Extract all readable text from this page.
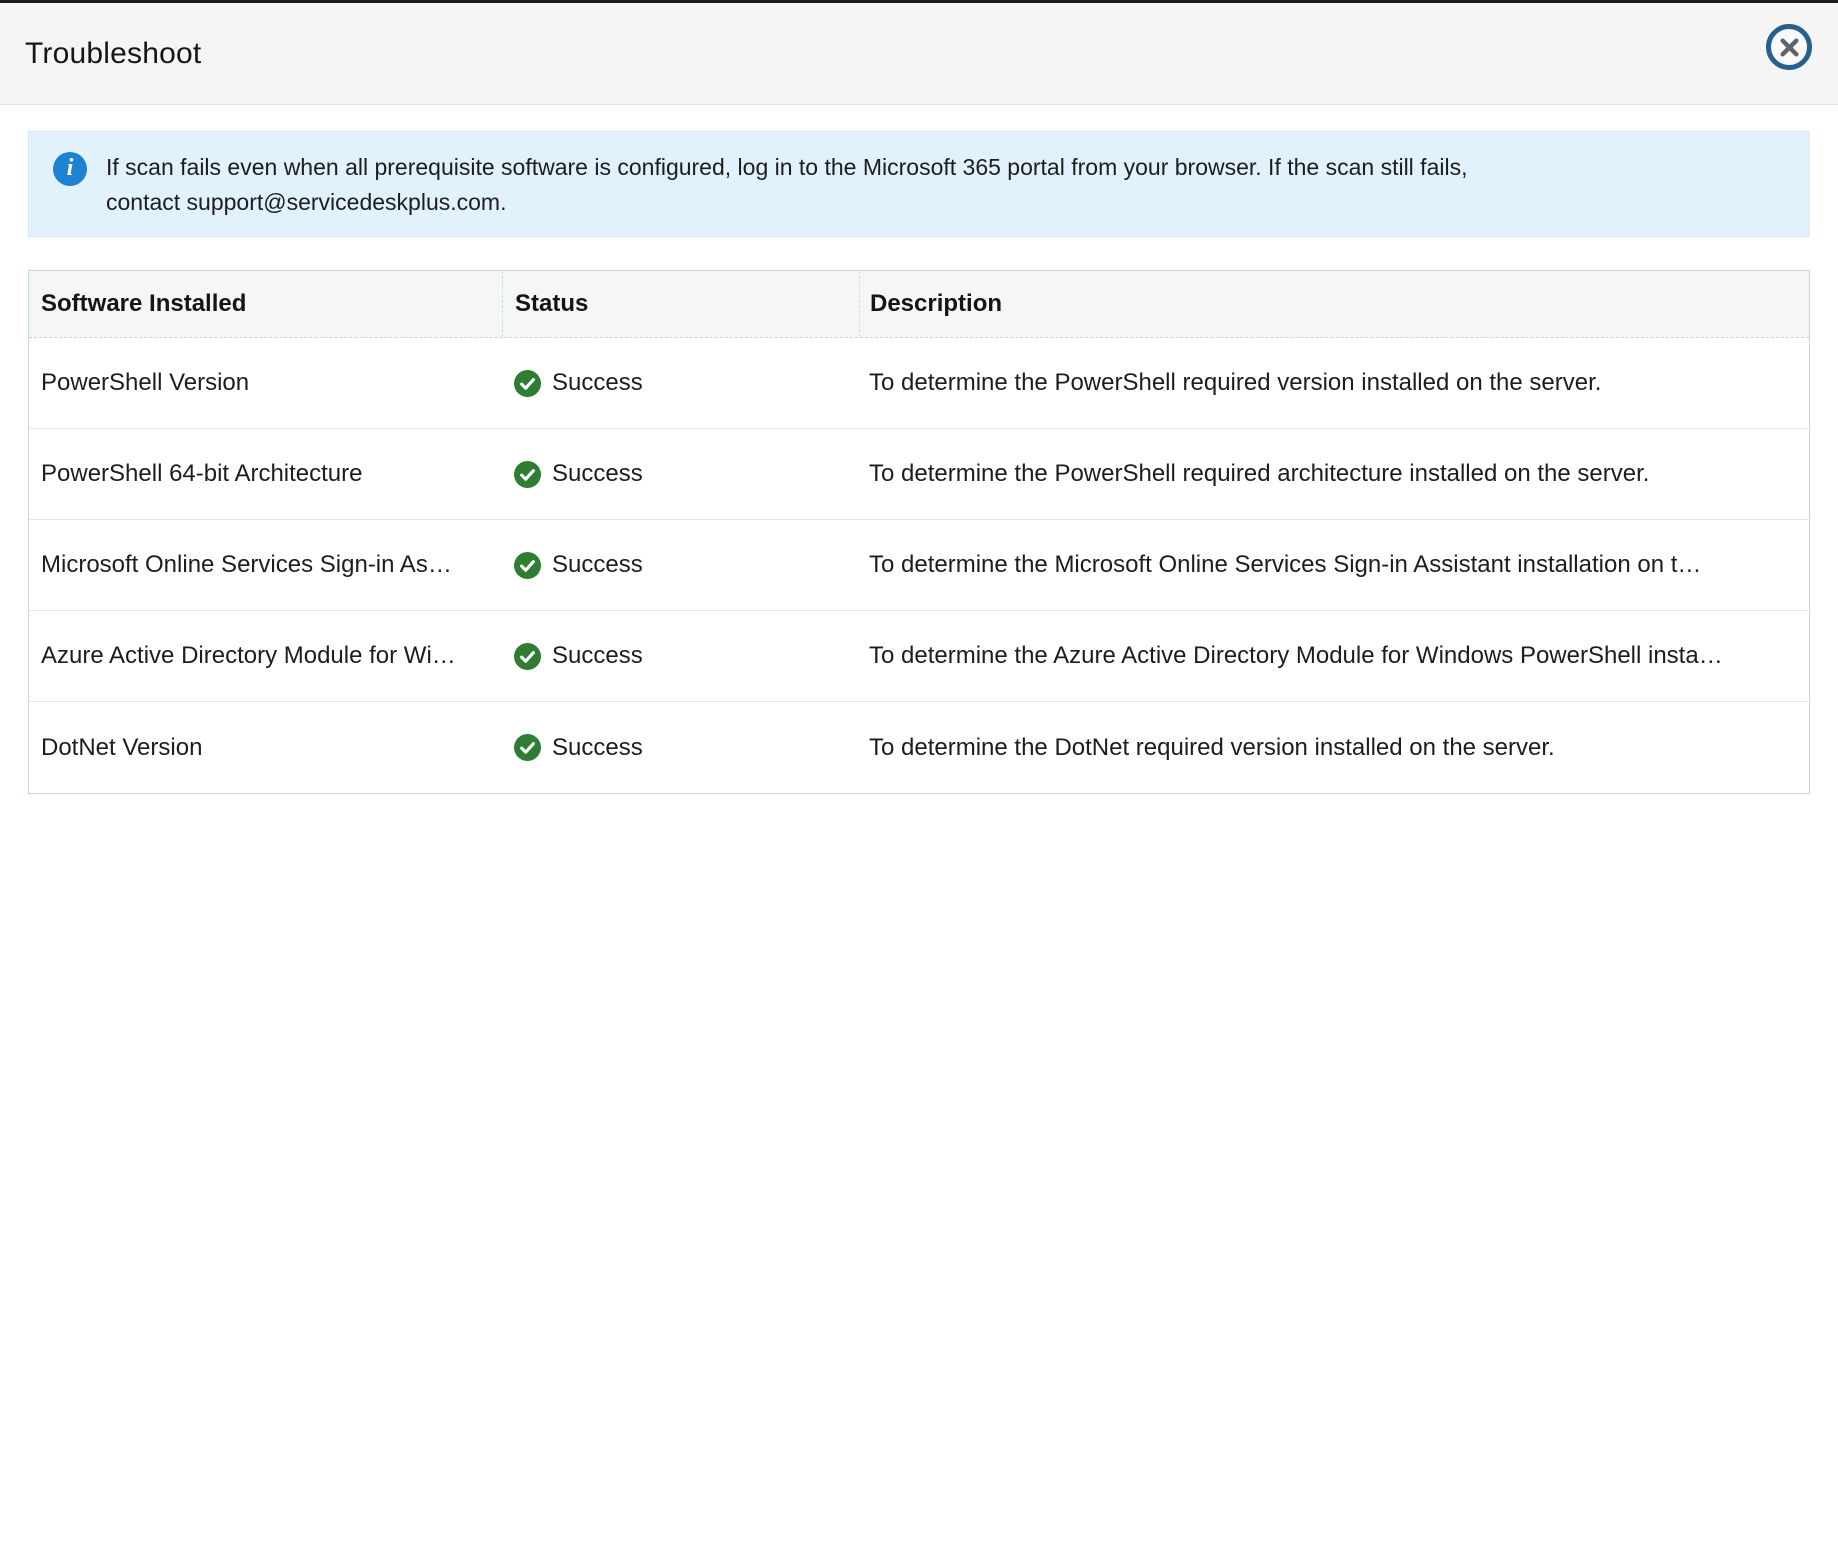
Troubleshoot
i	If scan fails even when all prerequisite software is configured, log in to the Microsoft 365 portal from your browser. If the scan still fails,
contact support@servicedeskplus.com.
Software Installed	Status	Description
PowerShell Version	Success	To determine the PowerShell required version installed on the server.
PowerShell 64-bit Architecture	Success	To determine the PowerShell required architecture installed on the server.
Microsoft Online Services Sign-in As…	Success	To determine the Microsoft Online Services Sign-in Assistant installation on t…
Azure Active Directory Module for Wi…	Success	To determine the Azure Active Directory Module for Windows PowerShell insta…
DotNet Version	Success	To determine the DotNet required version installed on the server.
